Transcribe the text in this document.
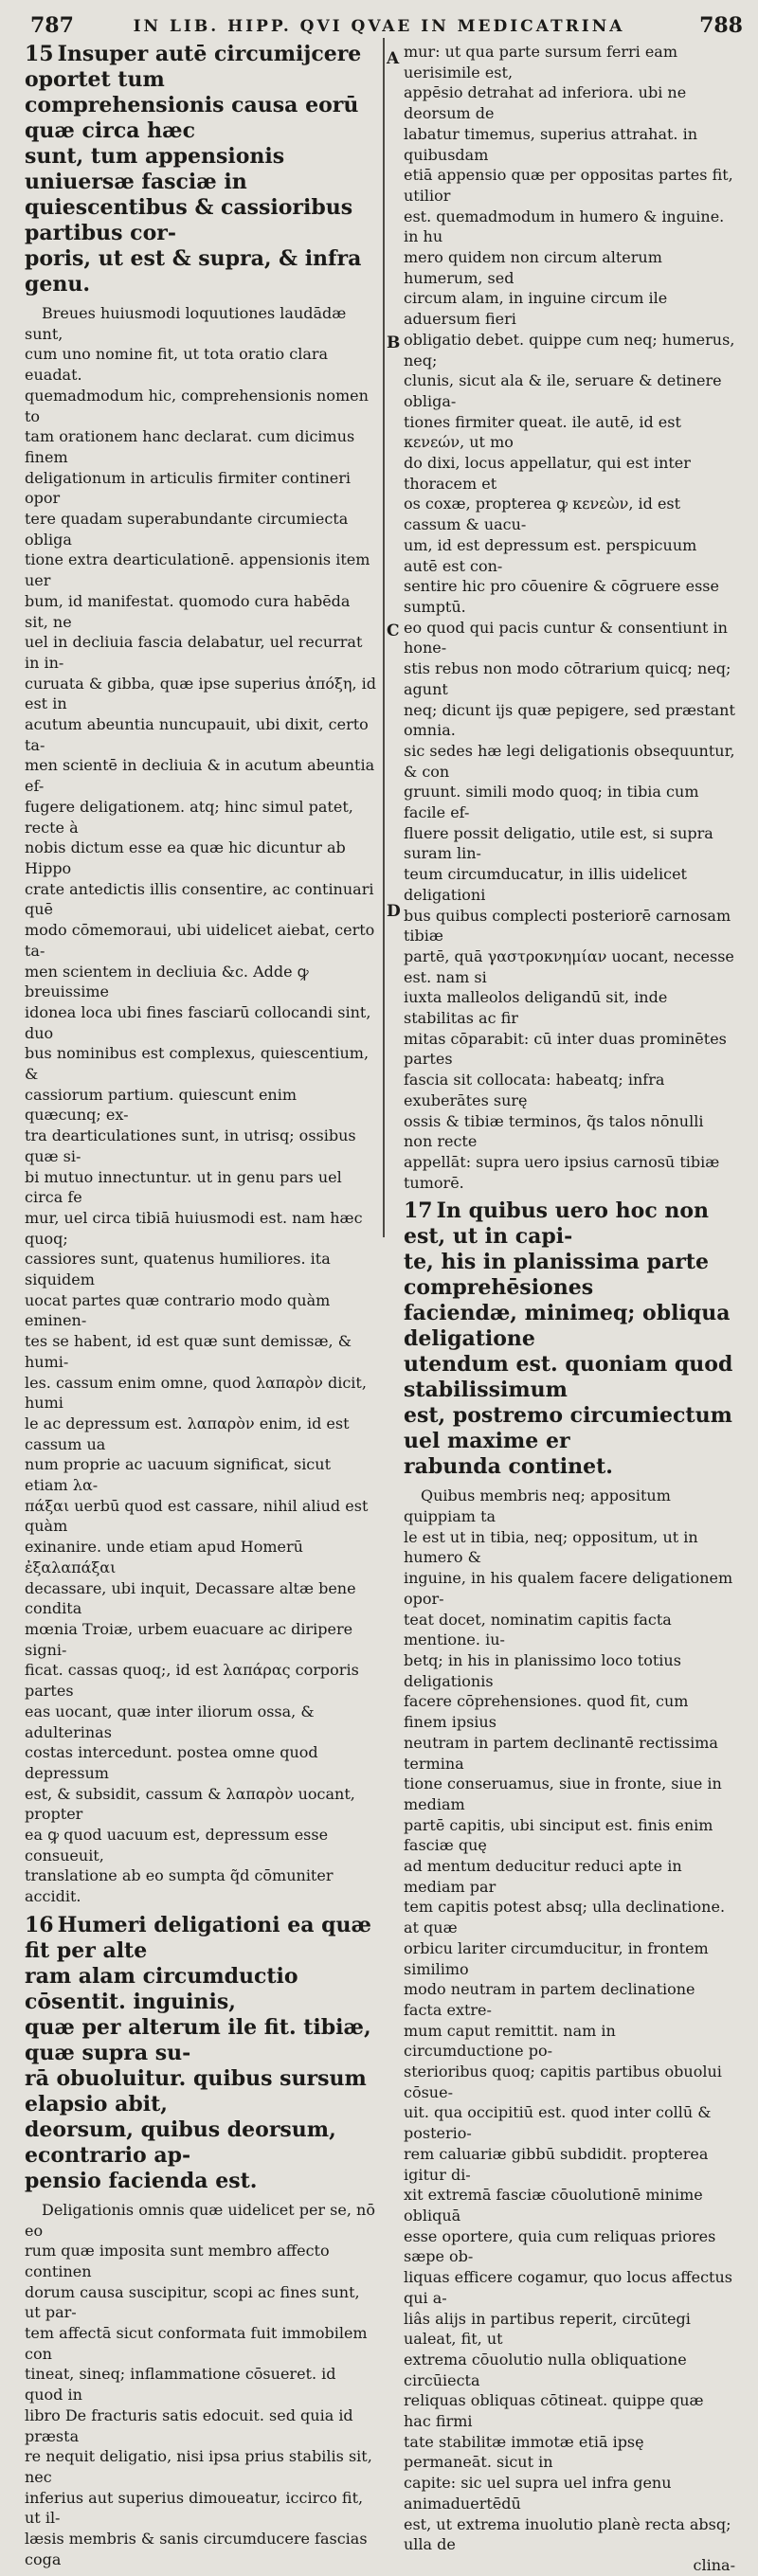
787	IN LIB. HIPP. QVI QVAE IN MEDICATRINA	788
A
B
C
D
15 Insuper autē circumijcere oportet tum
comprehensionis causa eorū quæ circa hæc
sunt, tum appensionis uniuersæ fasciæ in
quiescentibus & cassioribus partibus cor-
poris, ut est & supra, & infra genu.

Breues huiusmodi loquutiones laudādæ sunt,

cum uno nomine fit, ut tota oratio clara euadat.

quemadmodum hic, comprehensionis nomen to

tam orationem hanc declarat. cum dicimus finem

deligationum in articulis firmiter contineri opor

tere quadam superabundante circumiecta obliga

tione extra dearticulationē. appensionis item uer

bum, id manifestat. quomodo cura habēda sit, ne

uel in decliuia fascia delabatur, uel recurrat in in-

curuata & gibba, quæ ipse superius ἀπόξη, id est in

acutum abeuntia nuncupauit, ubi dixit, certo ta-

men scientē in decliuia & in acutum abeuntia ef-

fugere deligationem. atq; hinc simul patet, recte à

nobis dictum esse ea quæ hic dicuntur ab Hippo

crate antedictis illis consentire, ac continuari quē

modo cōmemoraui, ubi uidelicet aiebat, certo ta-

men scientem in decliuia &c. Adde ꝙ breuissime

idonea loca ubi fines fasciarū collocandi sint, duo

bus nominibus est complexus, quiescentium, &

cassiorum partium. quiescunt enim quæcunq; ex-

tra dearticulationes sunt, in utrisq; ossibus quæ si-

bi mutuo innectuntur. ut in genu pars uel circa fe

mur, uel circa tibiā huiusmodi est. nam hæc quoq;

cassiores sunt, quatenus humiliores. ita siquidem

uocat partes quæ contrario modo quàm eminen-

tes se habent, id est quæ sunt demissæ, & humi-

les. cassum enim omne, quod λαπαρὸν dicit, humi

le ac depressum est. λαπαρὸν enim, id est cassum ua

num proprie ac uacuum significat, sicut etiam λα-

πάξαι uerbū quod est cassare, nihil aliud est quàm

exinanire. unde etiam apud Homerū ἐξαλαπάξαι

decassare, ubi inquit, Decassare altæ bene condita

mœnia Troiæ, urbem euacuare ac diripere signi-

ficat. cassas quoq;, id est λαπάρας corporis partes

eas uocant, quæ inter iliorum ossa, & adulterinas

costas intercedunt. postea omne quod depressum

est, & subsidit, cassum & λαπαρὸν uocant, propter

ea ꝙ quod uacuum est, depressum esse consueuit,

translatione ab eo sumpta q̃d cōmuniter accidit.

16 Humeri deligationi ea quæ fit per alte
ram alam circumductio cōsentit. inguinis,
quæ per alterum ile fit. tibiæ, quæ supra su-
rā obuoluitur. quibus sursum elapsio abit,
deorsum, quibus deorsum, econtrario ap-
pensio facienda est.

Deligationis omnis quæ uidelicet per se, nō eo

rum quæ imposita sunt membro affecto continen

dorum causa suscipitur, scopi ac fines sunt, ut par-

tem affectā sicut conformata fuit immobilem con

tineat, sineq; inflammatione cōsueret. id quod in

libro De fracturis satis edocuit. sed quia id præsta

re nequit deligatio, nisi ipsa prius stabilis sit, nec

inferius aut superius dimoueatur, iccirco fit, ut il-

læsis membris & sanis circumducere fascias coga

mur: ut qua parte sursum ferri eam uerisimile est,

appēsio detrahat ad inferiora. ubi ne deorsum de

labatur timemus, superius attrahat. in quibusdam

etiā appensio quæ per oppositas partes fit, utilior

est. quemadmodum in humero & inguine. in hu

mero quidem non circum alterum humerum, sed

circum alam, in inguine circum ile aduersum fieri

obligatio debet. quippe cum neq; humerus, neq;

clunis, sicut ala & ile, seruare & detinere obliga-

tiones firmiter queat. ile autē, id est κενεών, ut mo

do dixi, locus appellatur, qui est inter thoracem et

os coxæ, propterea ꝙ κενεὼν, id est cassum & uacu-

um, id est depressum est. perspicuum autē est con-

sentire hic pro cōuenire & cōgruere esse sumptū.

eo quod qui pacis cuntur & consentiunt in hone-

stis rebus non modo cōtrarium quicq; neq; agunt

neq; dicunt ijs quæ pepigere, sed præstant omnia.

sic sedes hæ legi deligationis obsequuntur, & con

gruunt. simili modo quoq; in tibia cum facile ef-

fluere possit deligatio, utile est, si supra suram lin-

teum circumducatur, in illis uidelicet deligationi

bus quibus complecti posteriorē carnosam tibiæ

partē, quā γαστροκνημίαν uocant, necesse est. nam si

iuxta malleolos deligandū sit, inde stabilitas ac fir

mitas cōparabit: cū inter duas prominētes partes

fascia sit collocata: habeatq; infra exuberātes surę

ossis & tibiæ terminos, q̃s talos nōnulli non recte

appellāt: supra uero ipsius carnosū tibiæ tumorē.

17 In quibus uero hoc non est, ut in capi-
te, his in planissima parte comprehēsiones
faciendæ, minimeq; obliqua deligatione
utendum est. quoniam quod stabilissimum
est, postremo circumiectum uel maxime er
rabunda continet.

Quibus membris neq; appositum quippiam ta

le est ut in tibia, neq; oppositum, ut in humero &

inguine, in his qualem facere deligationem opor-

teat docet, nominatim capitis facta mentione. iu-

betq; in his in planissimo loco totius deligationis

facere cōprehensiones. quod fit, cum finem ipsius

neutram in partem declinantē rectissima termina

tione conseruamus, siue in fronte, siue in mediam

partē capitis, ubi sinciput est. finis enim fasciæ quę

ad mentum deducitur reduci apte in mediam par

tem capitis potest absq; ulla declinatione. at quæ

orbicu lariter circumducitur, in frontem similimo

modo neutram in partem declinatione facta extre-

mum caput remittit. nam in circumductione po-

sterioribus quoq; capitis partibus obuolui cōsue-

uit. qua occipitiū est. quod inter collū & posterio-

rem caluariæ gibbū subdidit. propterea igitur di-

xit extremā fasciæ cōuolutionē minime obliquā

esse oportere, quia cum reliquas priores sæpe ob-

liquas efficere cogamur, quo locus affectus qui a-

liâs alijs in partibus reperit, circūtegi ualeat, fit, ut

extrema cōuolutio nulla obliquatione circūiecta

reliquas obliquas cōtineat. quippe quæ hac firmi

tate stabilitæ immotæ etiā ipsę permaneāt. sicut in

capite: sic uel supra uel infra genu animaduertēdū

est, ut extrema inuolutio planè recta absq; ulla de

clina-
